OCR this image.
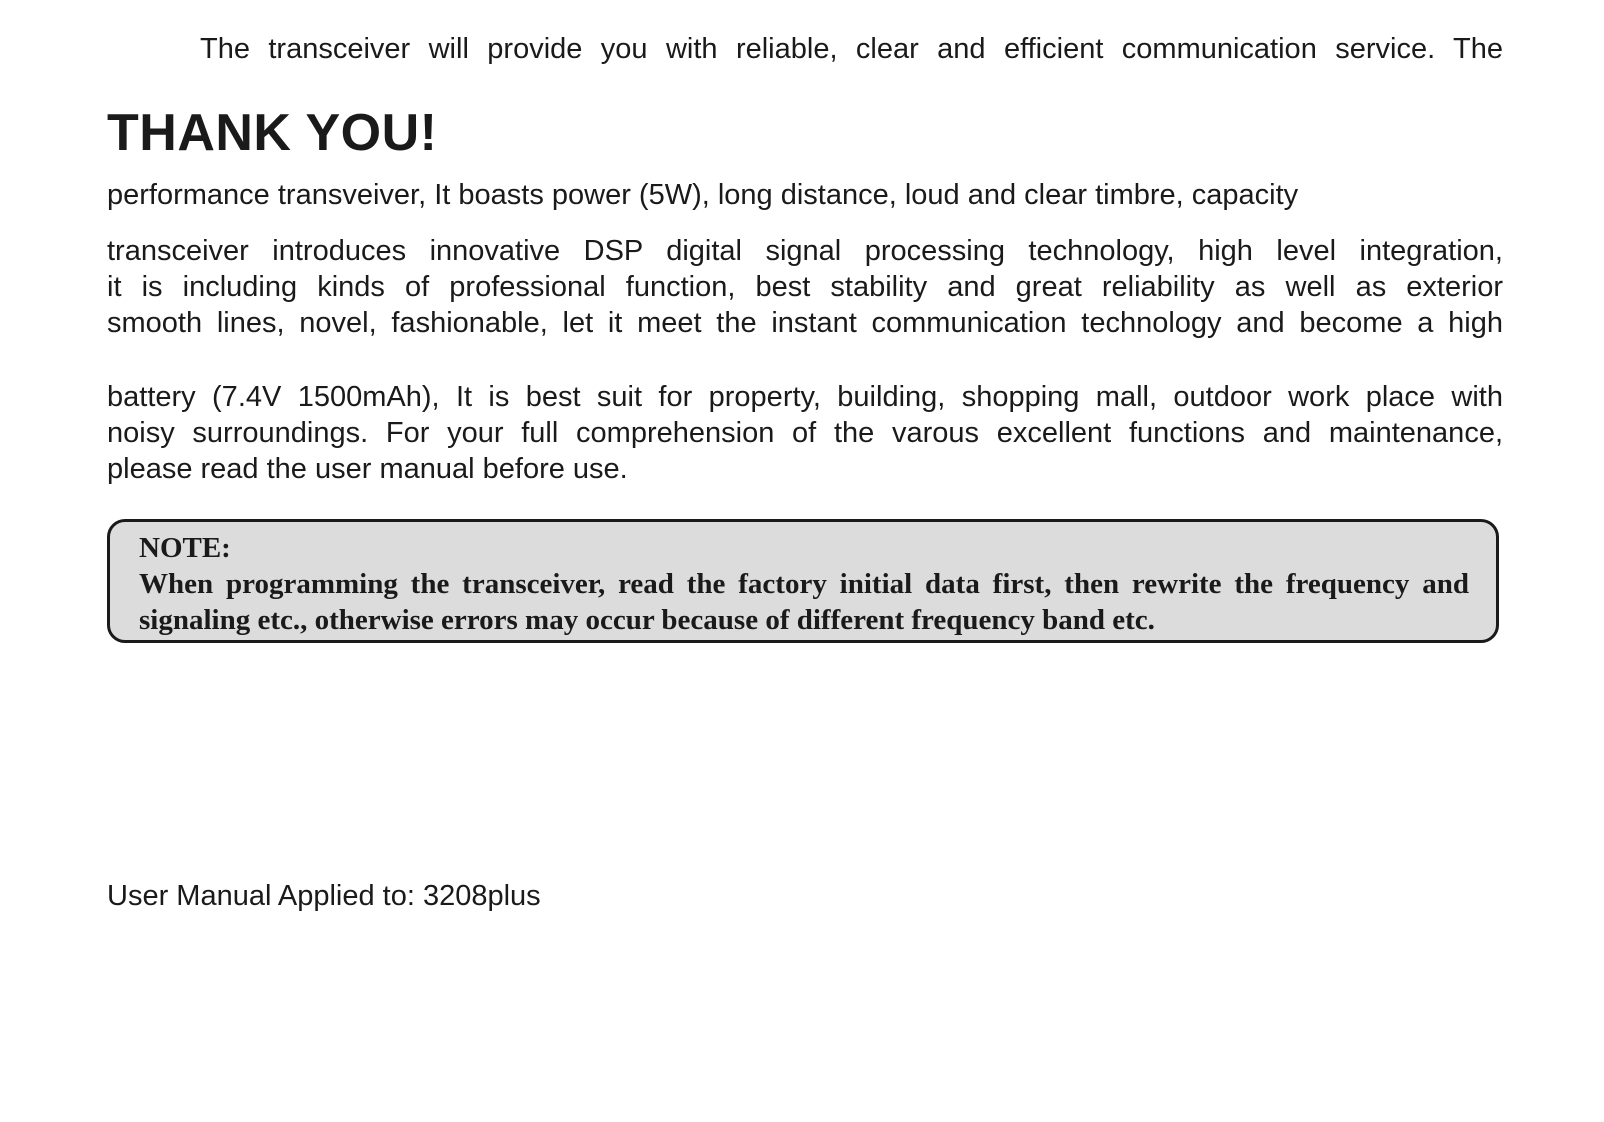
The transceiver will provide you with reliable, clear and efficient communication service. The

THANK YOU!

performance transveiver, It boasts power (5W), long distance, loud and clear timbre, capacity

transceiver introduces innovative DSP digital signal processing technology, high level integration,

it is including kinds of professional function, best stability and great reliability as well as exterior

smooth lines, novel, fashionable, let it meet the instant communication technology and become a high

battery (7.4V 1500mAh), It is best suit for property, building, shopping mall, outdoor work place with

noisy surroundings. For your full comprehension of the varous excellent functions and maintenance,

please read the user manual before use.

NOTE:

When programming the transceiver, read the factory initial data first, then rewrite the frequency and

signaling etc., otherwise errors may occur because of different frequency band etc.

User Manual Applied to: 3208plus
